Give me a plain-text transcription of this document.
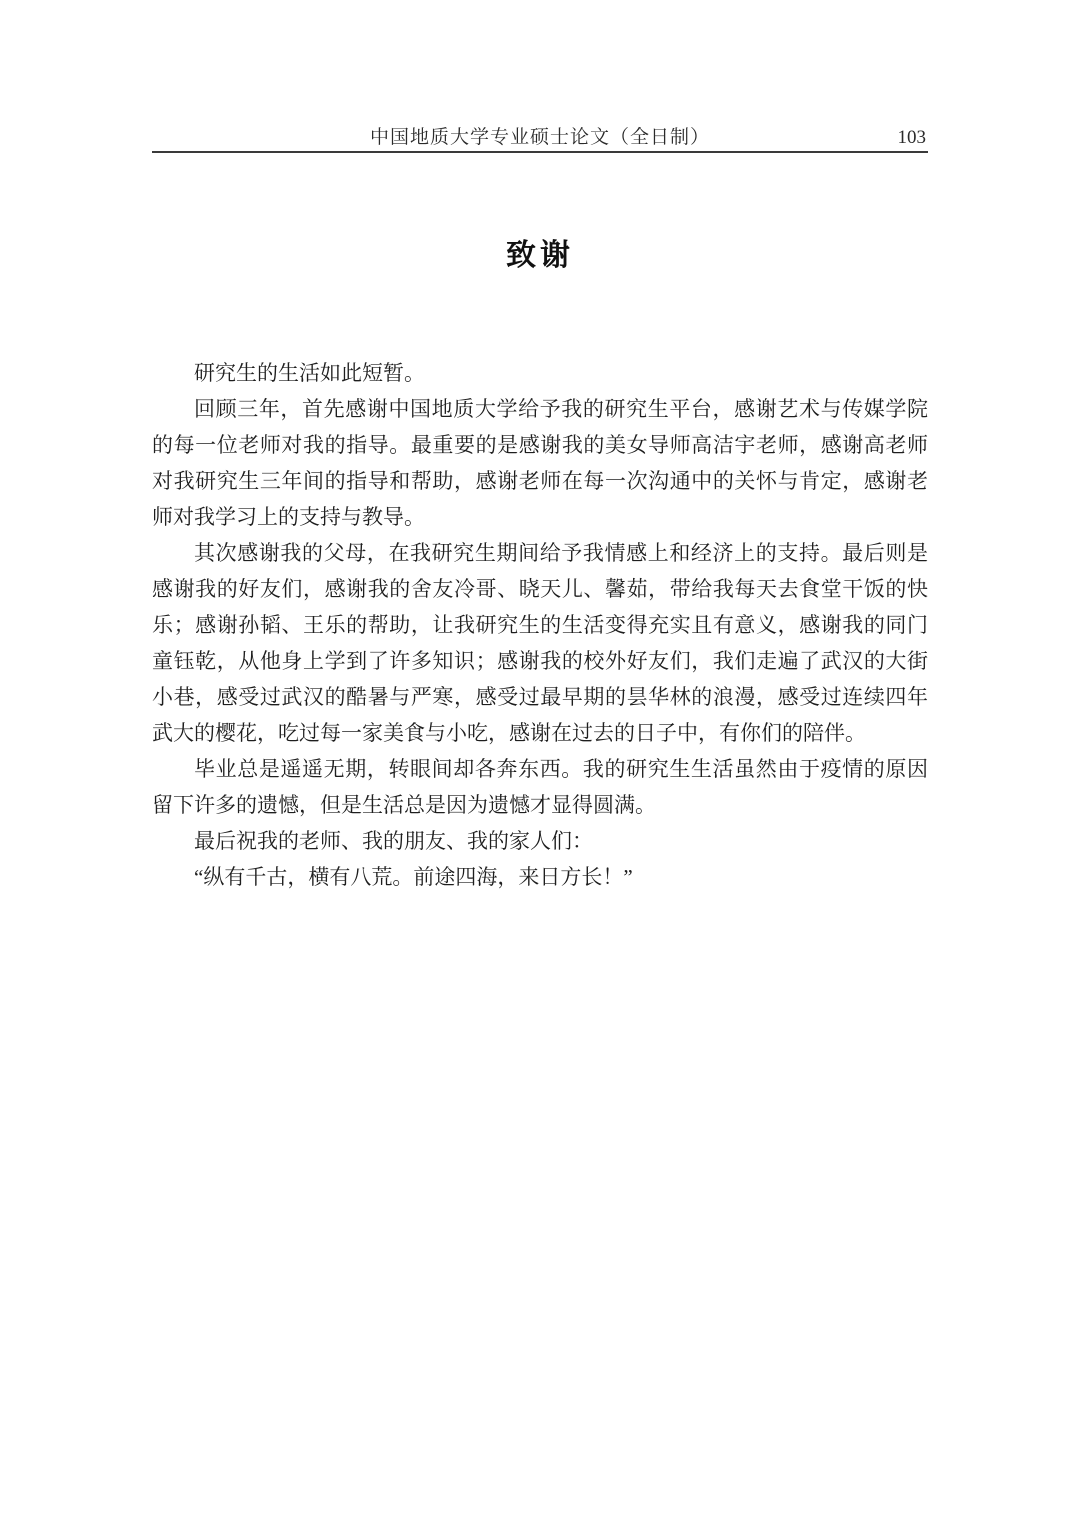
中国地质大学专业硕士论文（全日制）	103
致谢

研究生的生活如此短暂。

回顾三年，首先感谢中国地质大学给予我的研究生平台，感谢艺术与传媒学院的每一位老师对我的指导。最重要的是感谢我的美女导师高洁宇老师，感谢高老师对我研究生三年间的指导和帮助，感谢老师在每一次沟通中的关怀与肯定，感谢老师对我学习上的支持与教导。

其次感谢我的父母，在我研究生期间给予我情感上和经济上的支持。最后则是感谢我的好友们，感谢我的舍友冷哥、晓天儿、馨茹，带给我每天去食堂干饭的快乐；感谢孙韬、王乐的帮助，让我研究生的生活变得充实且有意义，感谢我的同门童钰乾，从他身上学到了许多知识；感谢我的校外好友们，我们走遍了武汉的大街小巷，感受过武汉的酷暑与严寒，感受过最早期的昙华林的浪漫，感受过连续四年武大的樱花，吃过每一家美食与小吃，感谢在过去的日子中，有你们的陪伴。

毕业总是遥遥无期，转眼间却各奔东西。我的研究生生活虽然由于疫情的原因留下许多的遗憾，但是生活总是因为遗憾才显得圆满。

最后祝我的老师、我的朋友、我的家人们：

“纵有千古，横有八荒。前途四海，来日方长！”
